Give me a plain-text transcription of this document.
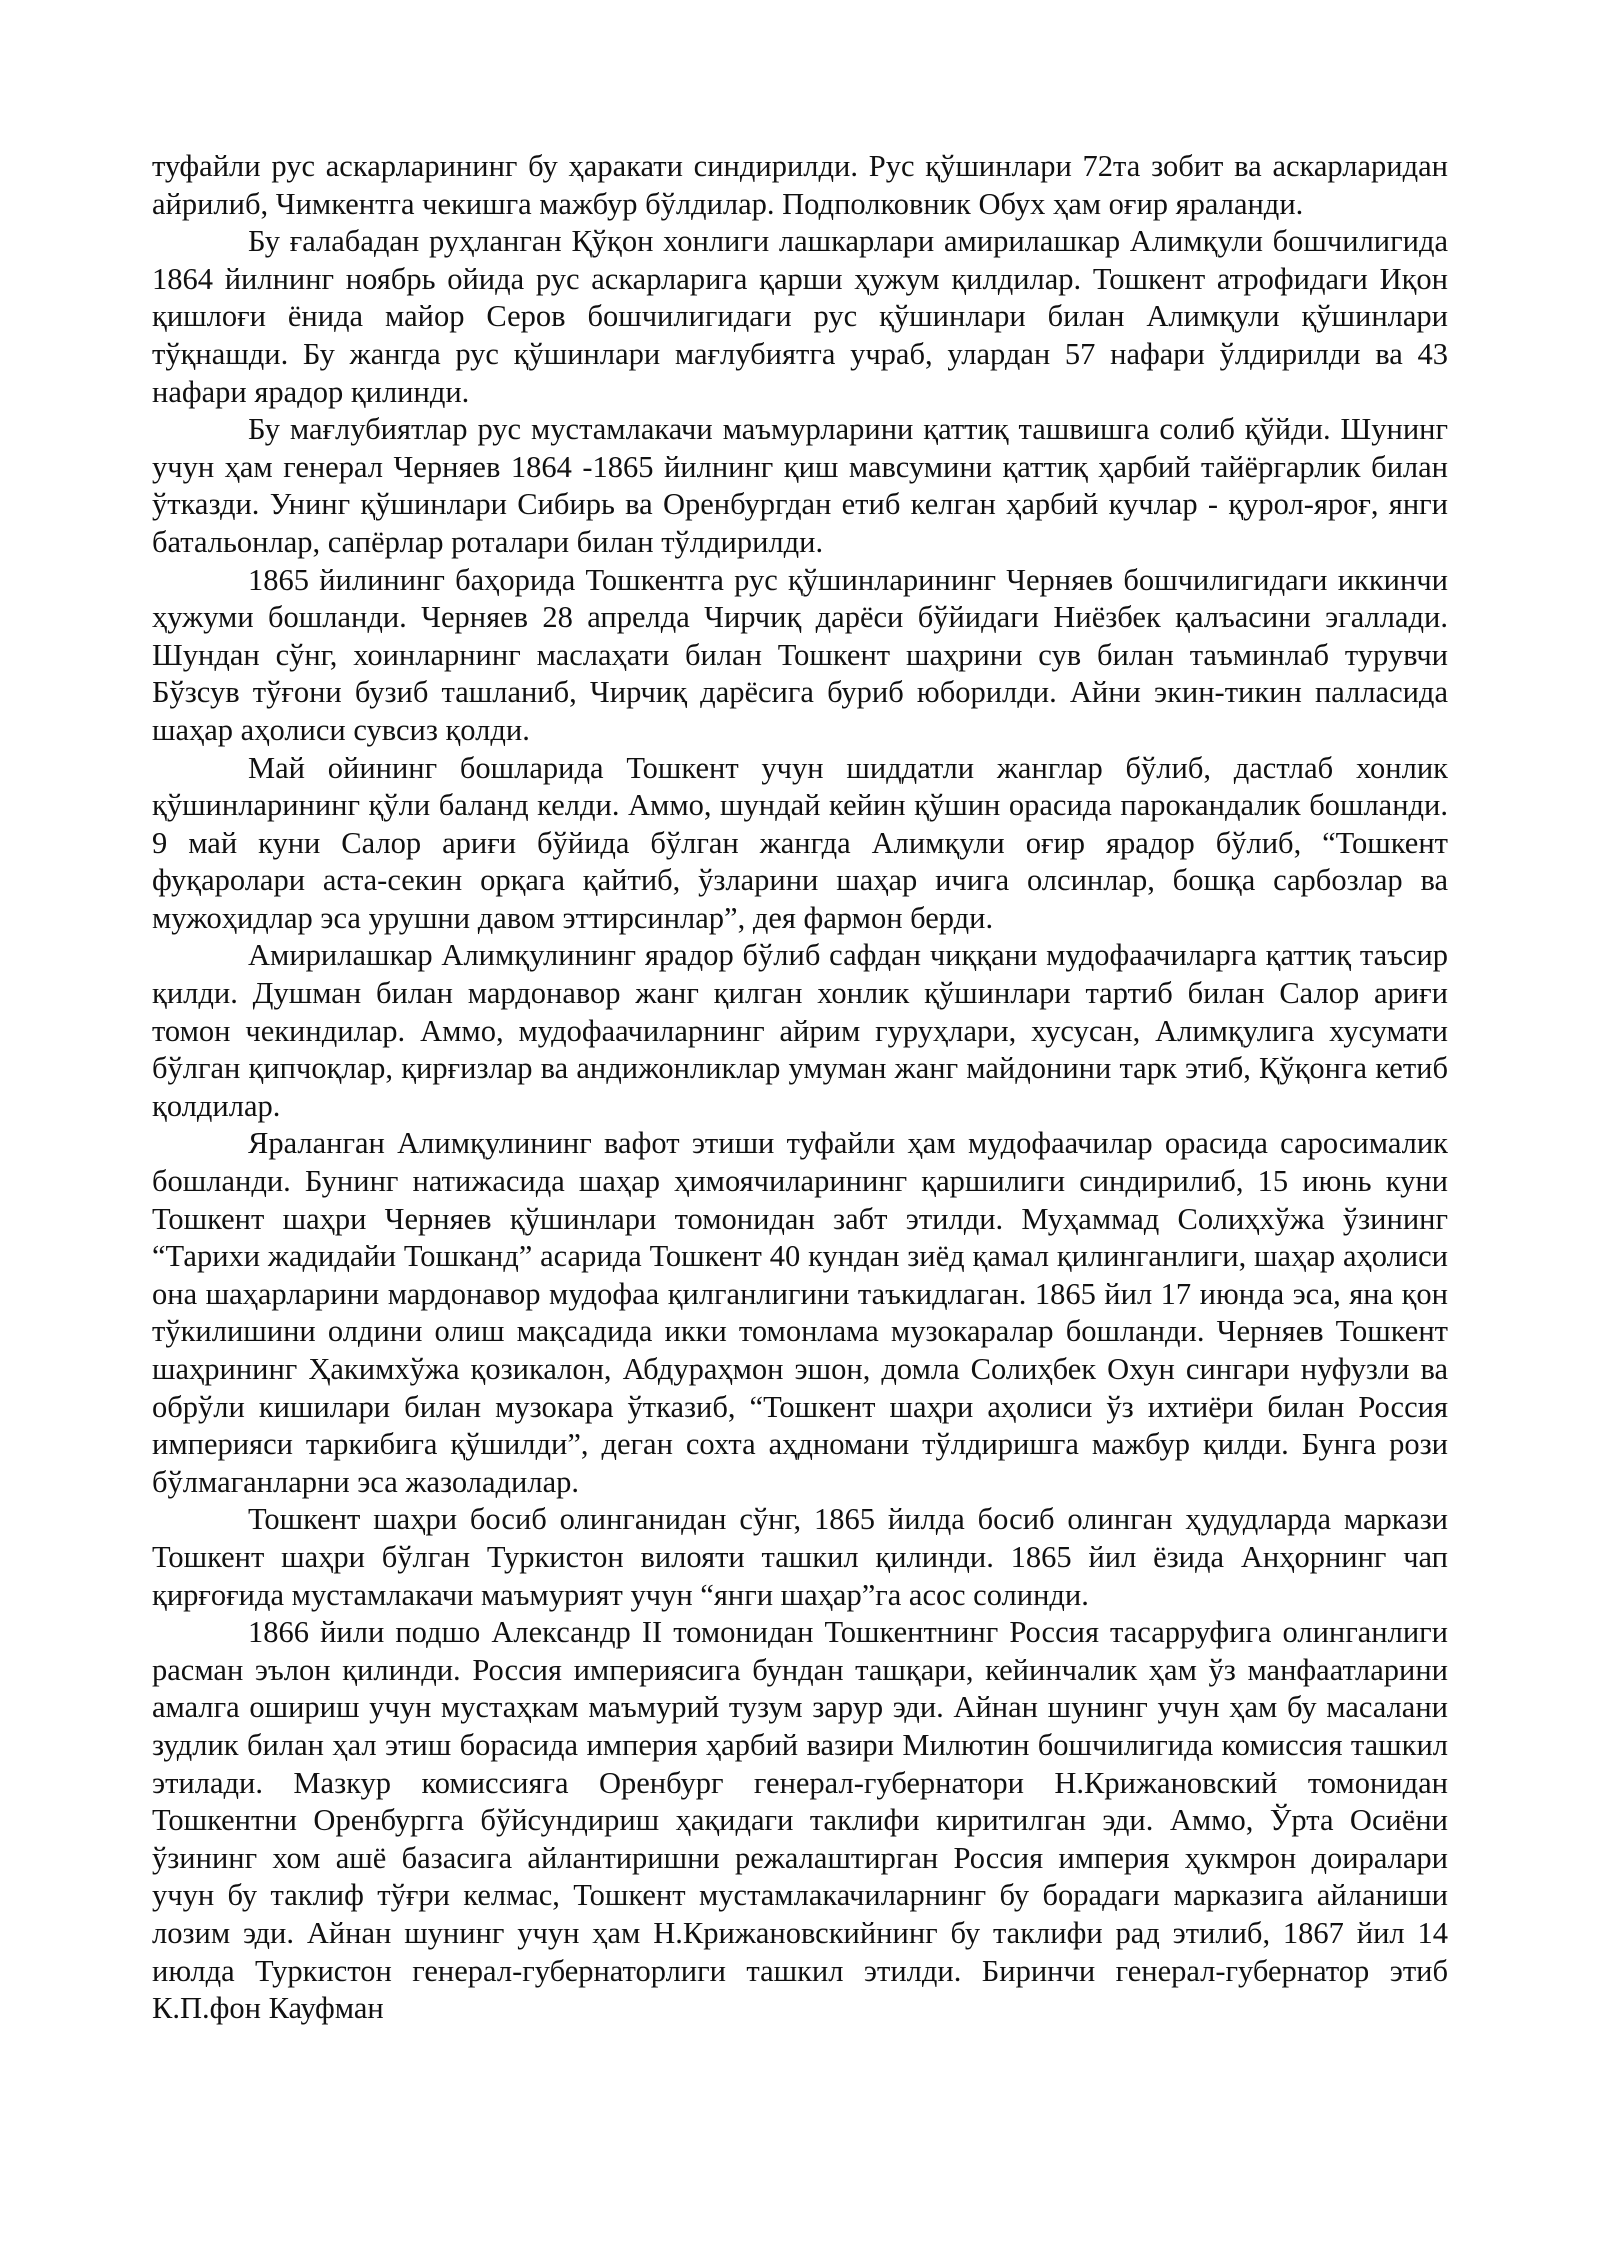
туфайли рус аскарларининг бу ҳаракати синдирилди. Рус қўшинлари 72та зобит ва аскарларидан айрилиб, Чимкентга чекишга мажбур бўлдилар. Подполковник Обух ҳам оғир яраланди.

Бу ғалабадан руҳланган Қўқон хонлиги лашкарлари амирилашкар Алимқули бошчилигида 1864 йилнинг ноябрь ойида рус аскарларига қарши ҳужум қилдилар. Тошкент атрофидаги Иқон қишлоғи ёнида майор Серов бошчилигидаги рус қўшинлари билан Алимқули қўшинлари тўқнашди. Бу жангда рус қўшинлари мағлубиятга учраб, улардан 57 нафари ўлдирилди ва 43 нафари ярадор қилинди.

Бу мағлубиятлар рус мустамлакачи маъмурларини қаттиқ ташвишга солиб қўйди. Шунинг учун ҳам генерал Черняев 1864 -1865 йилнинг қиш мавсумини қаттиқ ҳарбий тайёргарлик билан ўтказди. Унинг қўшинлари Сибирь ва Оренбургдан етиб келган ҳарбий кучлар - қурол-яроғ, янги батальонлар, сапёрлар роталари билан тўлдирилди.

1865 йилининг баҳорида Тошкентга рус қўшинларининг Черняев бошчилигидаги иккинчи ҳужуми бошланди. Черняев 28 апрелда Чирчиқ дарёси бўйидаги Ниёзбек қалъасини эгаллади. Шундан сўнг, хоинларнинг маслаҳати билан Тошкент шаҳрини сув билан таъминлаб турувчи Бўзсув тўғони бузиб ташланиб, Чирчиқ дарёсига буриб юборилди. Айни экин-тикин палласида шаҳар аҳолиси сувсиз қолди.

Май ойининг бошларида Тошкент учун шиддатли жанглар бўлиб, дастлаб хонлик қўшинларининг қўли баланд келди. Аммо, шундай кейин қўшин орасида парокандалик бошланди. 9 май куни Салор ариғи бўйида бўлган жангда Алимқули оғир ярадор бўлиб, “Тошкент фуқаролари аста-секин орқага қайтиб, ўзларини шаҳар ичига олсинлар, бошқа сарбозлар ва мужоҳидлар эса урушни давом эттирсинлар”, дея фармон берди.

Амирилашкар Алимқулининг ярадор бўлиб сафдан чиққани мудофаачиларга қаттиқ таъсир қилди. Душман билан мардонавор жанг қилган хонлик қўшинлари тартиб билан Салор ариғи томон чекиндилар. Аммо, мудофаачиларнинг айрим гуруҳлари, хусусан, Алимқулига хусумати бўлган қипчоқлар, қирғизлар ва андижонликлар умуман жанг майдонини тарк этиб, Қўқонга кетиб қолдилар.

Яраланган Алимқулининг вафот этиши туфайли ҳам мудофаачилар орасида саросималик бошланди. Бунинг натижасида шаҳар ҳимоячиларининг қаршилиги синдирилиб, 15 июнь куни Тошкент шаҳри Черняев қўшинлари томонидан забт этилди. Муҳаммад Солиҳхўжа ўзининг “Тарихи жадидайи Тошканд” асарида Тошкент 40 кундан зиёд қамал қилинганлиги, шаҳар аҳолиси она шаҳарларини мардонавор мудофаа қилганлигини таъкидлаган. 1865 йил 17 июнда эса, яна қон тўкилишини олдини олиш мақсадида икки томонлама музокаралар бошланди. Черняев Тошкент шаҳрининг Ҳакимхўжа қозикалон, Абдураҳмон эшон, домла Солиҳбек Охун сингари нуфузли ва обрўли кишилари билан музокара ўтказиб, “Тошкент шаҳри аҳолиси ўз ихтиёри билан Россия империяси таркибига қўшилди”, деган сохта аҳдномани тўлдиришга мажбур қилди. Бунга рози бўлмаганларни эса жазоладилар.

Тошкент шаҳри босиб олинганидан сўнг, 1865 йилда босиб олинган ҳудудларда маркази Тошкент шаҳри бўлган Туркистон вилояти ташкил қилинди. 1865 йил ёзида Анҳорнинг чап қирғоғида мустамлакачи маъмурият учун “янги шаҳар”га асос солинди.

1866 йили подшо Александр II томонидан Тошкентнинг Россия тасарруфига олинганлиги расман эълон қилинди. Россия империясига бундан ташқари, кейинчалик ҳам ўз манфаатларини амалга ошириш учун мустаҳкам маъмурий тузум зарур эди. Айнан шунинг учун ҳам бу масалани зудлик билан ҳал этиш борасида империя ҳарбий вазири Милютин бошчилигида комиссия ташкил этилади. Мазкур комиссияга Оренбург генерал-губернатори Н.Крижановский томонидан Тошкентни Оренбургга бўйсундириш ҳақидаги таклифи киритилган эди. Аммо, Ўрта Осиёни ўзининг хом ашё базасига айлантиришни режалаштирган Россия империя ҳукмрон доиралари учун бу таклиф тўғри келмас, Тошкент мустамлакачиларнинг бу борадаги марказига айланиши лозим эди. Айнан шунинг учун ҳам Н.Крижановскийнинг бу таклифи рад этилиб, 1867 йил 14 июлда Туркистон генерал-губернаторлиги ташкил этилди. Биринчи генерал-губернатор этиб К.П.фон Кауфман
